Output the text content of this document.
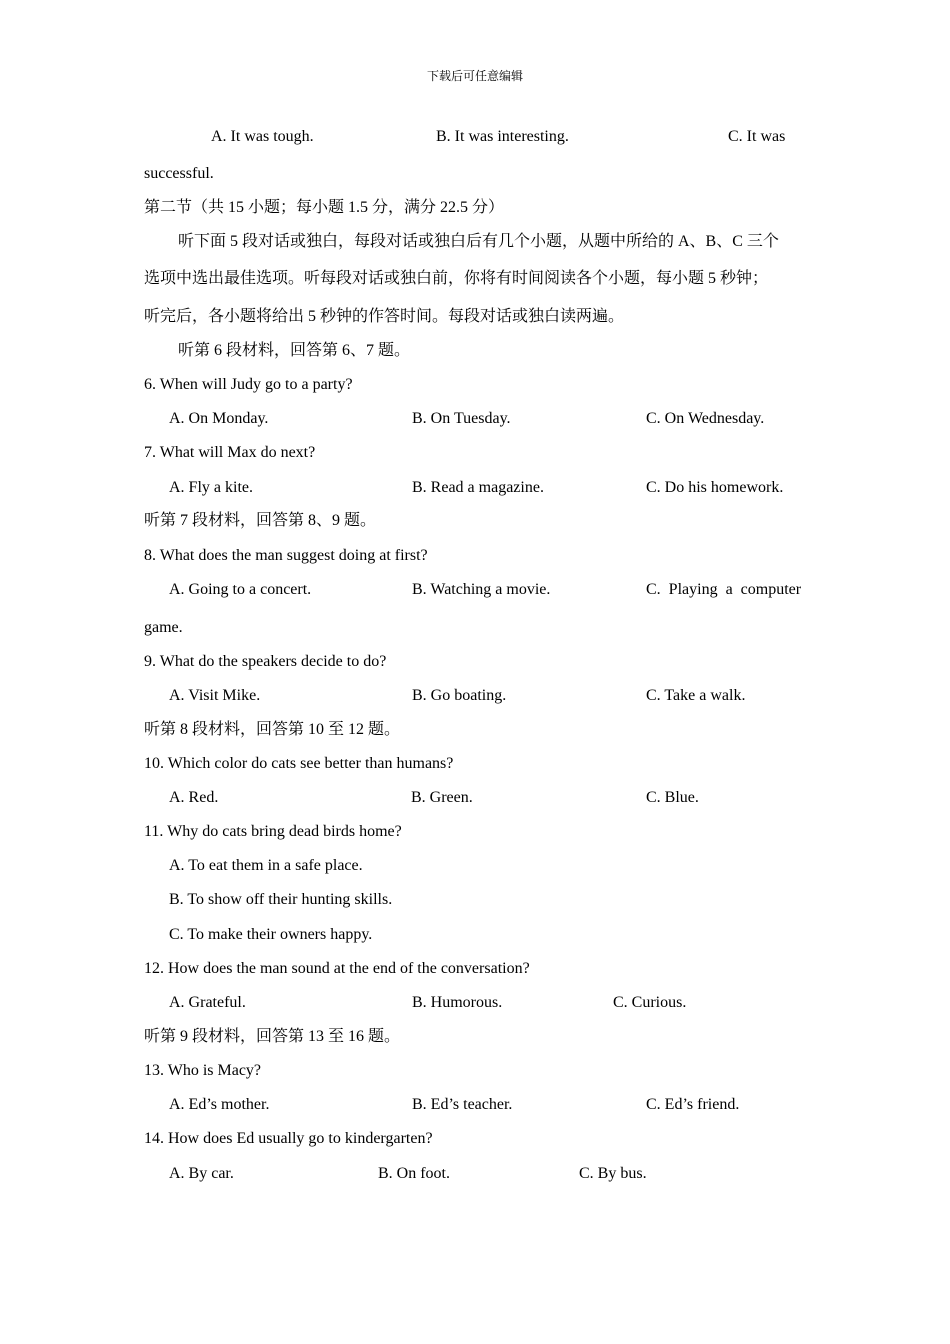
下载后可任意编辑
A. It was tough.	B. It was interesting.	C. It was
successful.
第二节（共 15 小题；每小题 1.5 分，满分 22.5 分）
听下面 5 段对话或独白，每段对话或独白后有几个小题，从题中所给的 A、B、C 三个
选项中选出最佳选项。听每段对话或独白前，你将有时间阅读各个小题，每小题 5 秒钟；
听完后，各小题将给出 5 秒钟的作答时间。每段对话或独白读两遍。
听第 6 段材料，回答第 6、7 题。
6. When will Judy go to a party?
A. On Monday.	B. On Tuesday.	C. On Wednesday.
7. What will Max do next?
A. Fly a kite.	B. Read a magazine.	C. Do his homework.
听第 7 段材料，回答第 8、9 题。
8. What does the man suggest doing at first?
A. Going to a concert.	B. Watching a movie.	C.  Playing  a  computer
game.
9. What do the speakers decide to do?
A. Visit Mike.	B. Go boating.	C. Take a walk.
听第 8 段材料，回答第 10 至 12 题。
10. Which color do cats see better than humans?
A. Red.	B. Green.	C. Blue.
11. Why do cats bring dead birds home?
A. To eat them in a safe place.
B. To show off their hunting skills.
C. To make their owners happy.
12. How does the man sound at the end of the conversation?
A. Grateful.	B. Humorous.	C. Curious.
听第 9 段材料，回答第 13 至 16 题。
13. Who is Macy?
A. Ed’s mother.	B. Ed’s teacher.	C. Ed’s friend.
14. How does Ed usually go to kindergarten?
A. By car.	B. On foot.	C. By bus.
